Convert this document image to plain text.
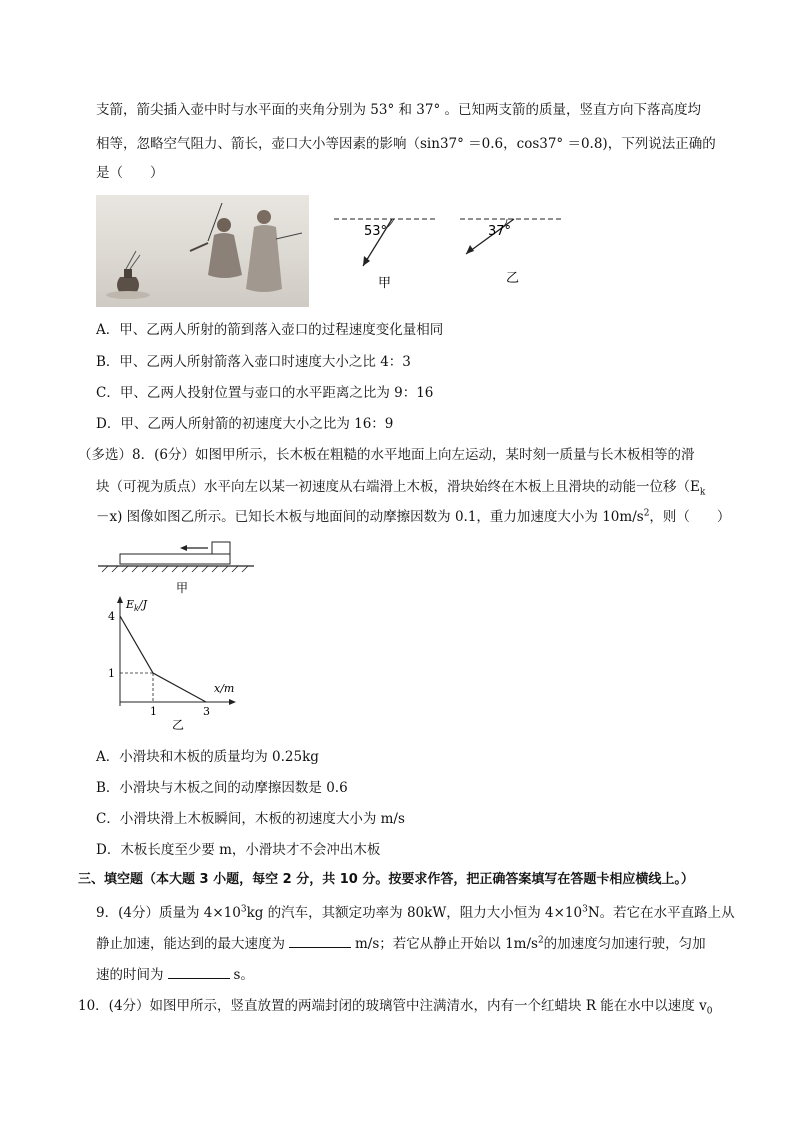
支箭，箭尖插入壶中时与水平面的夹角分别为 53° 和 37° 。已知两支箭的质量，竖直方向下落高度均
相等，忽略空气阻力、箭长，壶口大小等因素的影响（sin37° ＝0.6，cos37° ＝0.8)，下列说法正确的
是（　　）
53°
甲
37°
乙
A．甲、乙两人所射的箭到落入壶口的过程速度变化量相同
B．甲、乙两人所射箭落入壶口时速度大小之比 4：3
C．甲、乙两人投射位置与壶口的水平距离之比为 9：16
D．甲、乙两人所射箭的初速度大小之比为 16：9
（多选）8．(6分）如图甲所示，长木板在粗糙的水平地面上向左运动，某时刻一质量与长木板相等的滑
块（可视为质点）水平向左以某一初速度从右端滑上木板，滑块始终在木板上且滑块的动能一位移（$E_k$
－x) 图像如图乙所示。已知长木板与地面间的动摩擦因数为 0.1，重力加速度大小为 $10m/s^2$，则（　　）
甲
$E_k/J$
4
1
1	3
x/m
乙
A．小滑块和木板的质量均为 0.25kg
B．小滑块与木板之间的动摩擦因数是 0.6
C．小滑块滑上木板瞬间，木板的初速度大小为 m/s
D．木板长度至少要 m，小滑块才不会冲出木板
三、填空题（本大题 3 小题，每空 2 分，共 10 分。按要求作答，把正确答案填写在答题卡相应横线上。）
9．(4分）质量为 $4\times 10^3kg$ 的汽车，其额定功率为 80kW，阻力大小恒为 $4\times 10^3N$。若它在水平直路上从
静止加速，能达到的最大速度为	m/s；若它从静止开始以 $1m/s^2$的加速度匀加速行驶，匀加
速的时间为	s。
10．(4分）如图甲所示，竖直放置的两端封闭的玻璃管中注满清水，内有一个红蜡块 R 能在水中以速度 $v_0$
